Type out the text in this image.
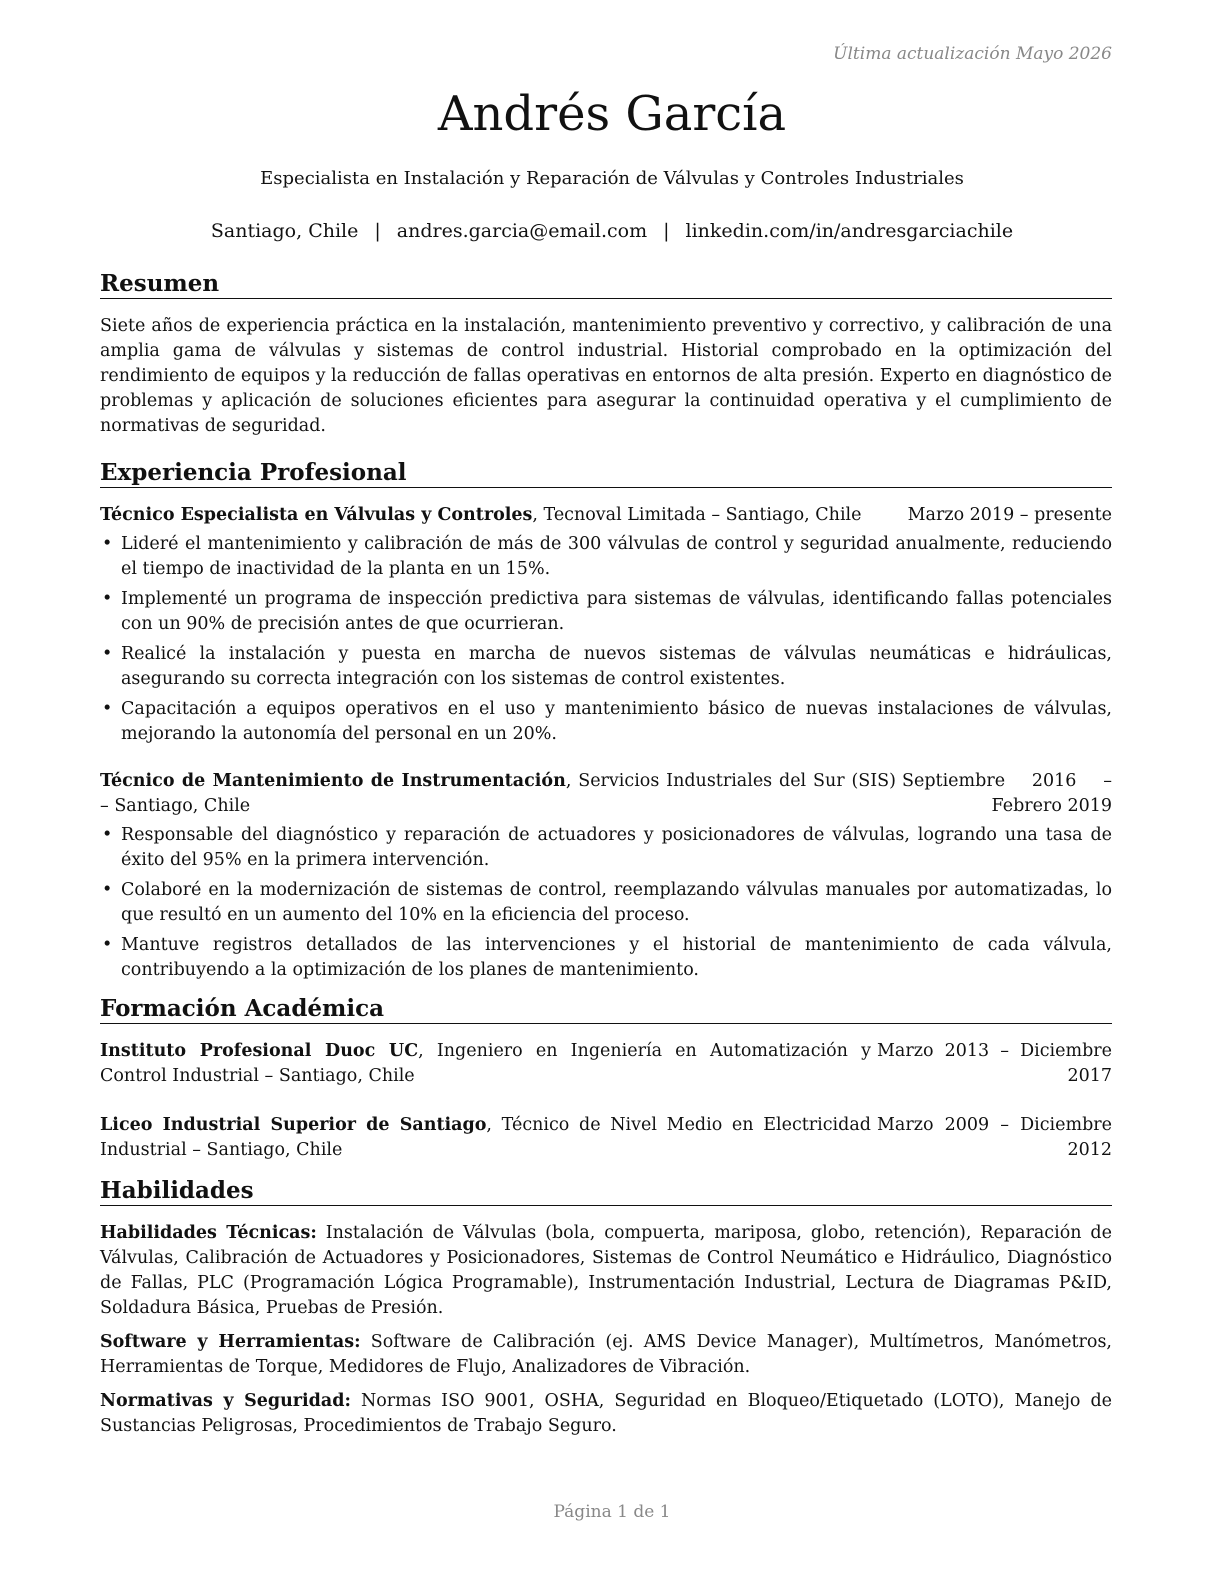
Última actualización Mayo 2026
Andrés García
Especialista en Instalación y Reparación de Válvulas y Controles Industriales
Santiago, Chile | andres.garcia@email.com | linkedin.com/in/andresgarciachile
Resumen

Siete años de experiencia práctica en la instalación, mantenimiento preventivo y correctivo, y calibración de una amplia gama de válvulas y sistemas de control industrial. Historial comprobado en la optimización del rendimiento de equipos y la reducción de fallas operativas en entornos de alta presión. Experto en diagnóstico de problemas y aplicación de soluciones eficientes para asegurar la continuidad operativa y el cumplimiento de normativas de seguridad.

Experiencia Profesional
Técnico Especialista en Válvulas y Controles, Tecnoval Limitada – Santiago, Chile	Marzo 2019 – presente
• Lideré el mantenimiento y calibración de más de 300 válvulas de control y seguridad anualmente, reduciendo el tiempo de inactividad de la planta en un 15%.
• Implementé un programa de inspección predictiva para sistemas de válvulas, identificando fallas potenciales con un 90% de precisión antes de que ocurrieran.
• Realicé la instalación y puesta en marcha de nuevos sistemas de válvulas neumáticas e hidráulicas, asegurando su correcta integración con los sistemas de control existentes.
• Capacitación a equipos operativos en el uso y mantenimiento básico de nuevas instalaciones de válvulas, mejorando la autonomía del personal en un 20%.
Técnico de Mantenimiento de Instrumentación, Servicios Industriales del Sur (SIS) – Santiago, Chile
Septiembre 2016 – Febrero 2019
• Responsable del diagnóstico y reparación de actuadores y posicionadores de válvulas, logrando una tasa de éxito del 95% en la primera intervención.
• Colaboré en la modernización de sistemas de control, reemplazando válvulas manuales por automatizadas, lo que resultó en un aumento del 10% en la eficiencia del proceso.
• Mantuve registros detallados de las intervenciones y el historial de mantenimiento de cada válvula, contribuyendo a la optimización de los planes de mantenimiento.
Formación Académica
Instituto Profesional Duoc UC, Ingeniero en Ingeniería en Automatización y Control Industrial – Santiago, Chile
Marzo 2013 – Diciembre 2017
Liceo Industrial Superior de Santiago, Técnico de Nivel Medio en Electricidad Industrial – Santiago, Chile
Marzo 2009 – Diciembre 2012
Habilidades

Habilidades Técnicas: Instalación de Válvulas (bola, compuerta, mariposa, globo, retención), Reparación de Válvulas, Calibración de Actuadores y Posicionadores, Sistemas de Control Neumático e Hidráulico, Diagnóstico de Fallas, PLC (Programación Lógica Programable), Instrumentación Industrial, Lectura de Diagramas P&ID, Soldadura Básica, Pruebas de Presión.

Software y Herramientas: Software de Calibración (ej. AMS Device Manager), Multímetros, Manómetros, Herramientas de Torque, Medidores de Flujo, Analizadores de Vibración.

Normativas y Seguridad: Normas ISO 9001, OSHA, Seguridad en Bloqueo/Etiquetado (LOTO), Manejo de Sustancias Peligrosas, Procedimientos de Trabajo Seguro.

Página 1 de 1
